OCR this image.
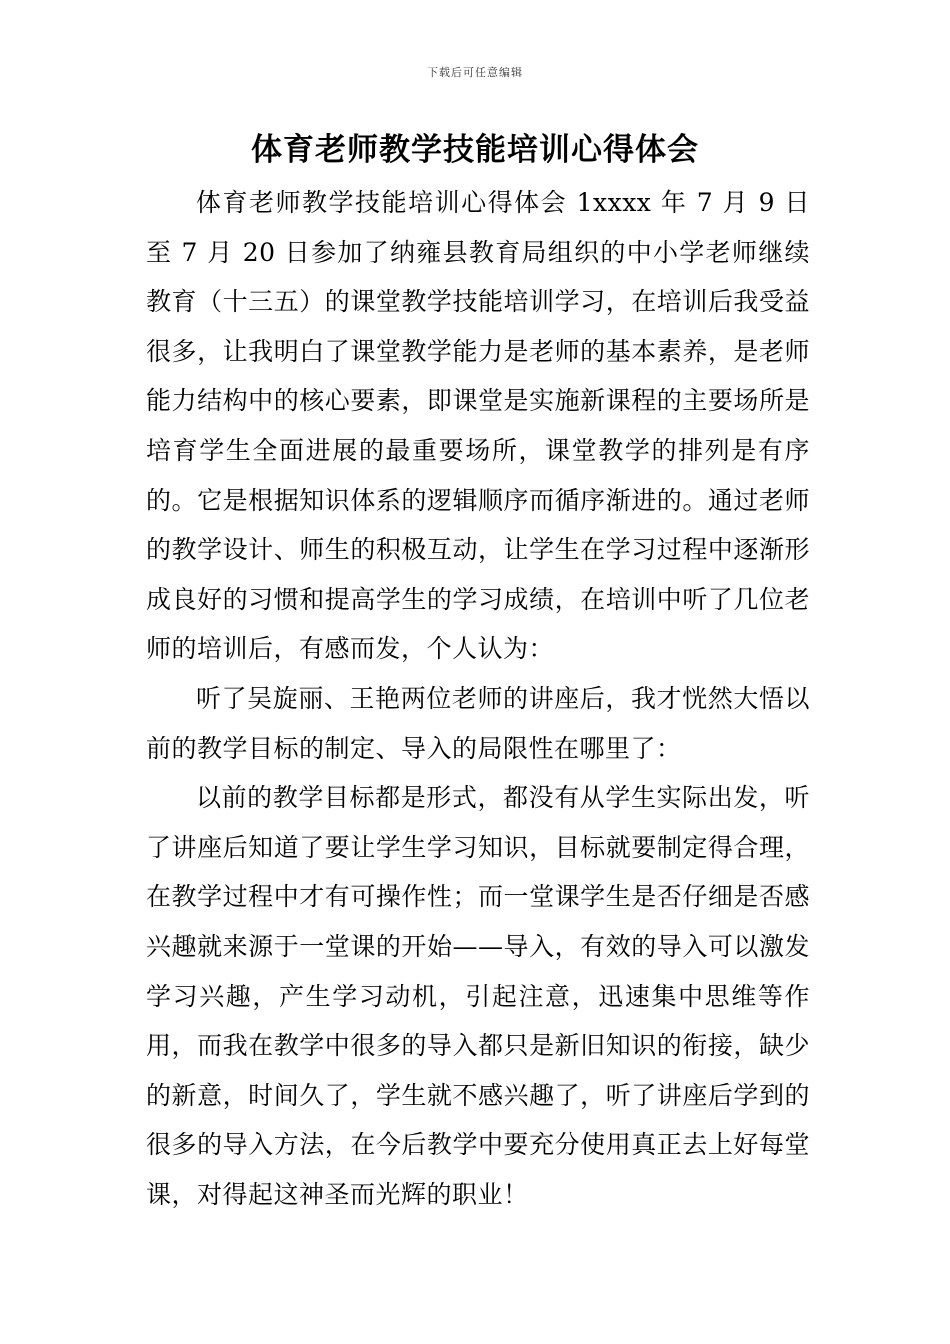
下载后可任意编辑
体育老师教学技能培训心得体会

体育老师教学技能培训心得体会 1xxxx 年 7 月 9 日至 7 月 20 日参加了纳雍县教育局组织的中小学老师继续教育（十三五）的课堂教学技能培训学习，在培训后我受益很多，让我明白了课堂教学能力是老师的基本素养，是老师能力结构中的核心要素，即课堂是实施新课程的主要场所是培育学生全面进展的最重要场所，课堂教学的排列是有序的。它是根据知识体系的逻辑顺序而循序渐进的。通过老师的教学设计、师生的积极互动，让学生在学习过程中逐渐形成良好的习惯和提高学生的学习成绩，在培训中听了几位老师的培训后，有感而发，个人认为：

听了吴旋丽、王艳两位老师的讲座后，我才恍然大悟以前的教学目标的制定、导入的局限性在哪里了：

以前的教学目标都是形式，都没有从学生实际出发，听了讲座后知道了要让学生学习知识，目标就要制定得合理，在教学过程中才有可操作性；而一堂课学生是否仔细是否感兴趣就来源于一堂课的开始——导入，有效的导入可以激发学习兴趣，产生学习动机，引起注意，迅速集中思维等作用，而我在教学中很多的导入都只是新旧知识的衔接，缺少的新意，时间久了，学生就不感兴趣了，听了讲座后学到的很多的导入方法，在今后教学中要充分使用真正去上好每堂课，对得起这神圣而光辉的职业！
